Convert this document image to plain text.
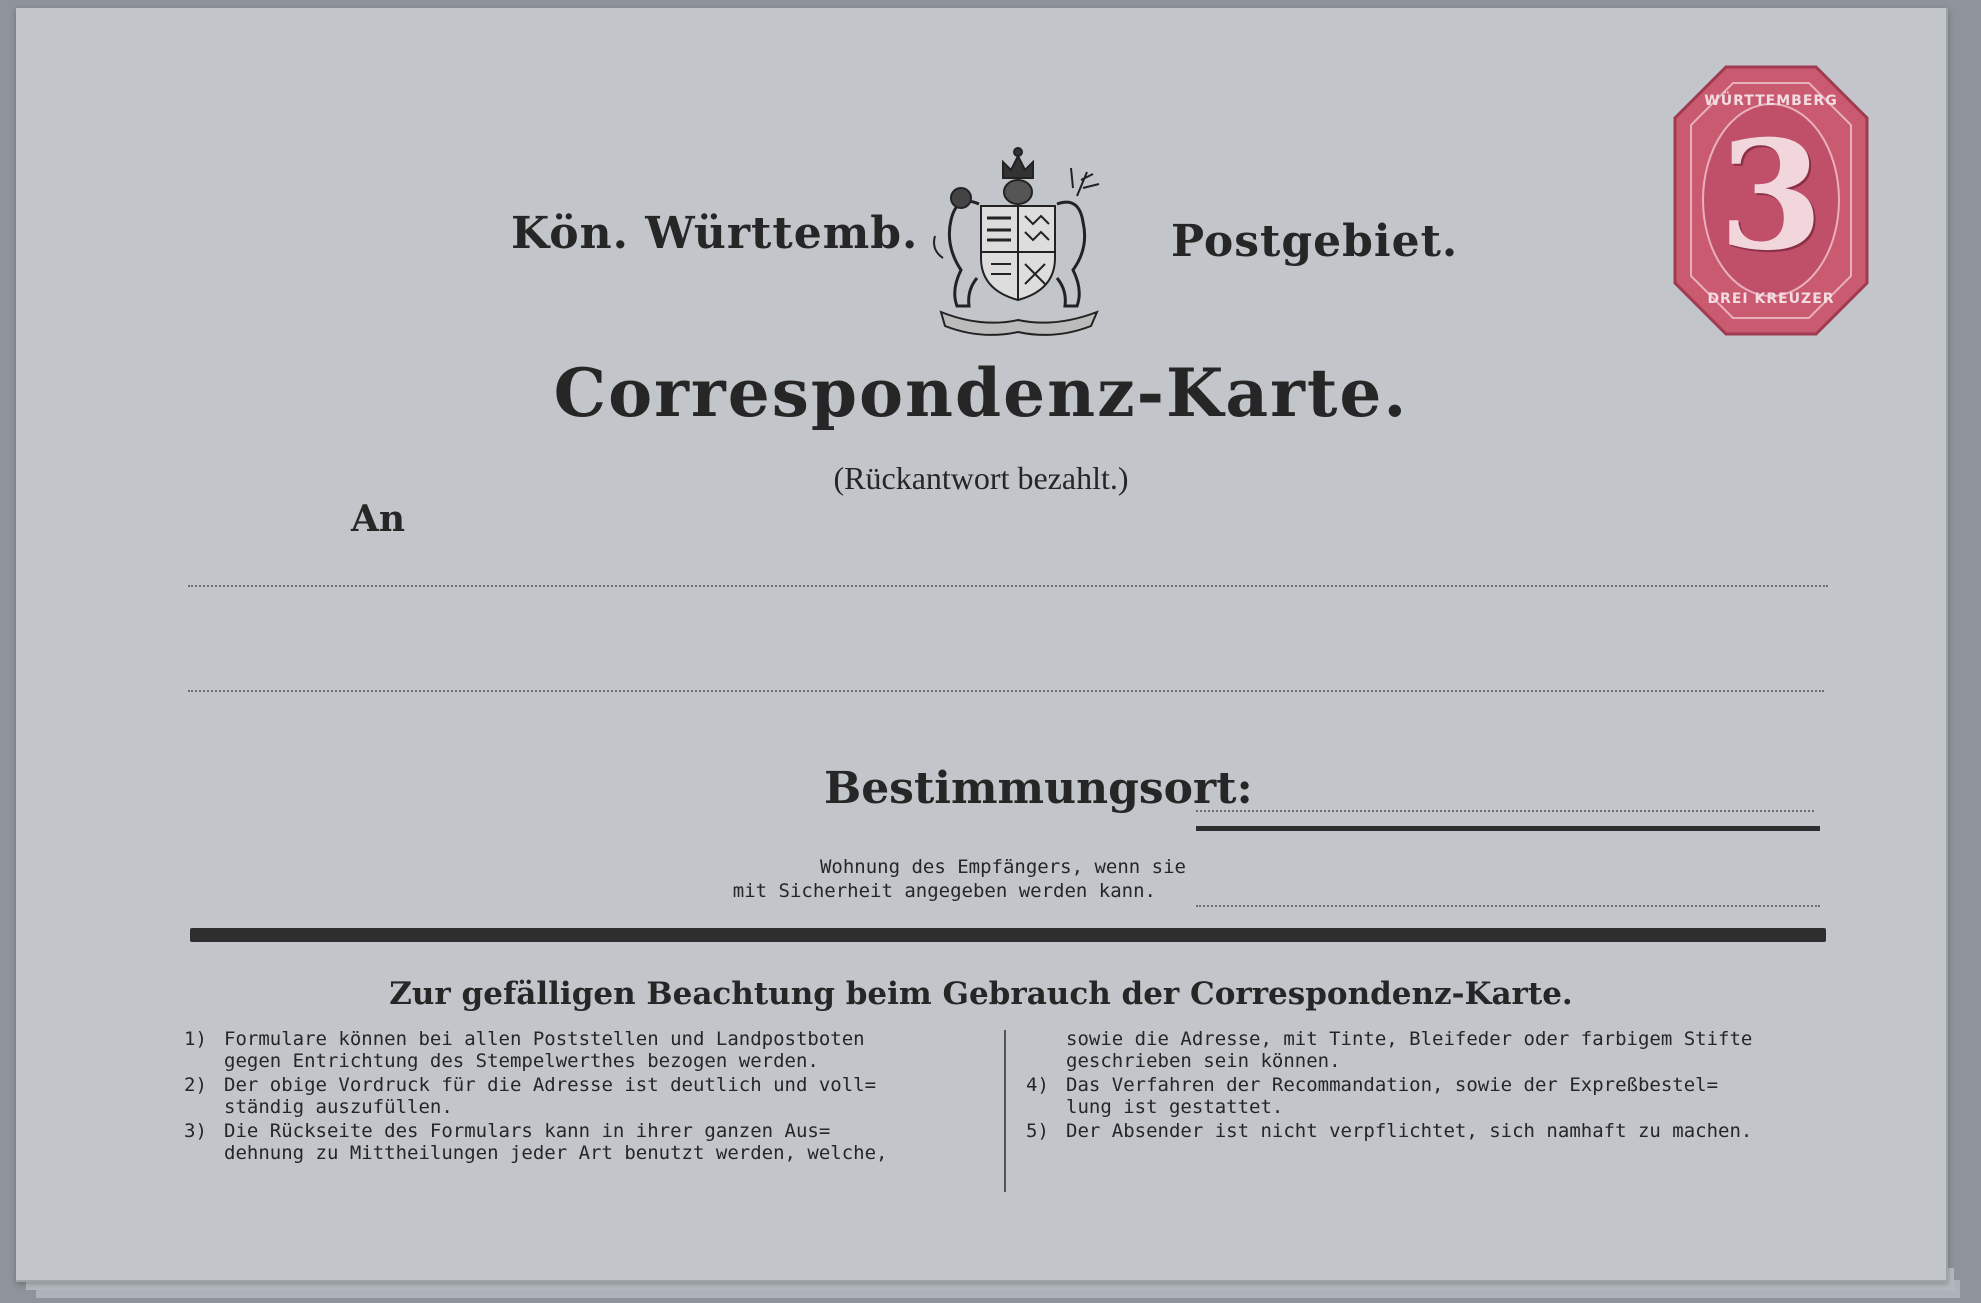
Kön. Württemb.	Postgebiet.	3
WÜRTTEMBERG
DREI KREUZER
Correspondenz-Karte.
(Rückantwort bezahlt.)
An
Bestimmungsort:
Wohnung des Empfängers, wenn sie
mit Sicherheit angegeben werden kann.
Zur gefälligen Beachtung beim Gebrauch der Correspondenz-Karte.
1) Formulare können bei allen Poststellen und Landpostboten
gegen Entrichtung des Stempelwerthes bezogen werden.
2) Der obige Vordruck für die Adresse ist deutlich und voll=
ständig auszufüllen.
3) Die Rückseite des Formulars kann in ihrer ganzen Aus=
dehnung zu Mittheilungen jeder Art benutzt werden, welche,
sowie die Adresse, mit Tinte, Bleifeder oder farbigem Stifte
geschrieben sein können.
4) Das Verfahren der Recommandation, sowie der Expreßbestel=
lung ist gestattet.
5) Der Absender ist nicht verpflichtet, sich namhaft zu machen.
